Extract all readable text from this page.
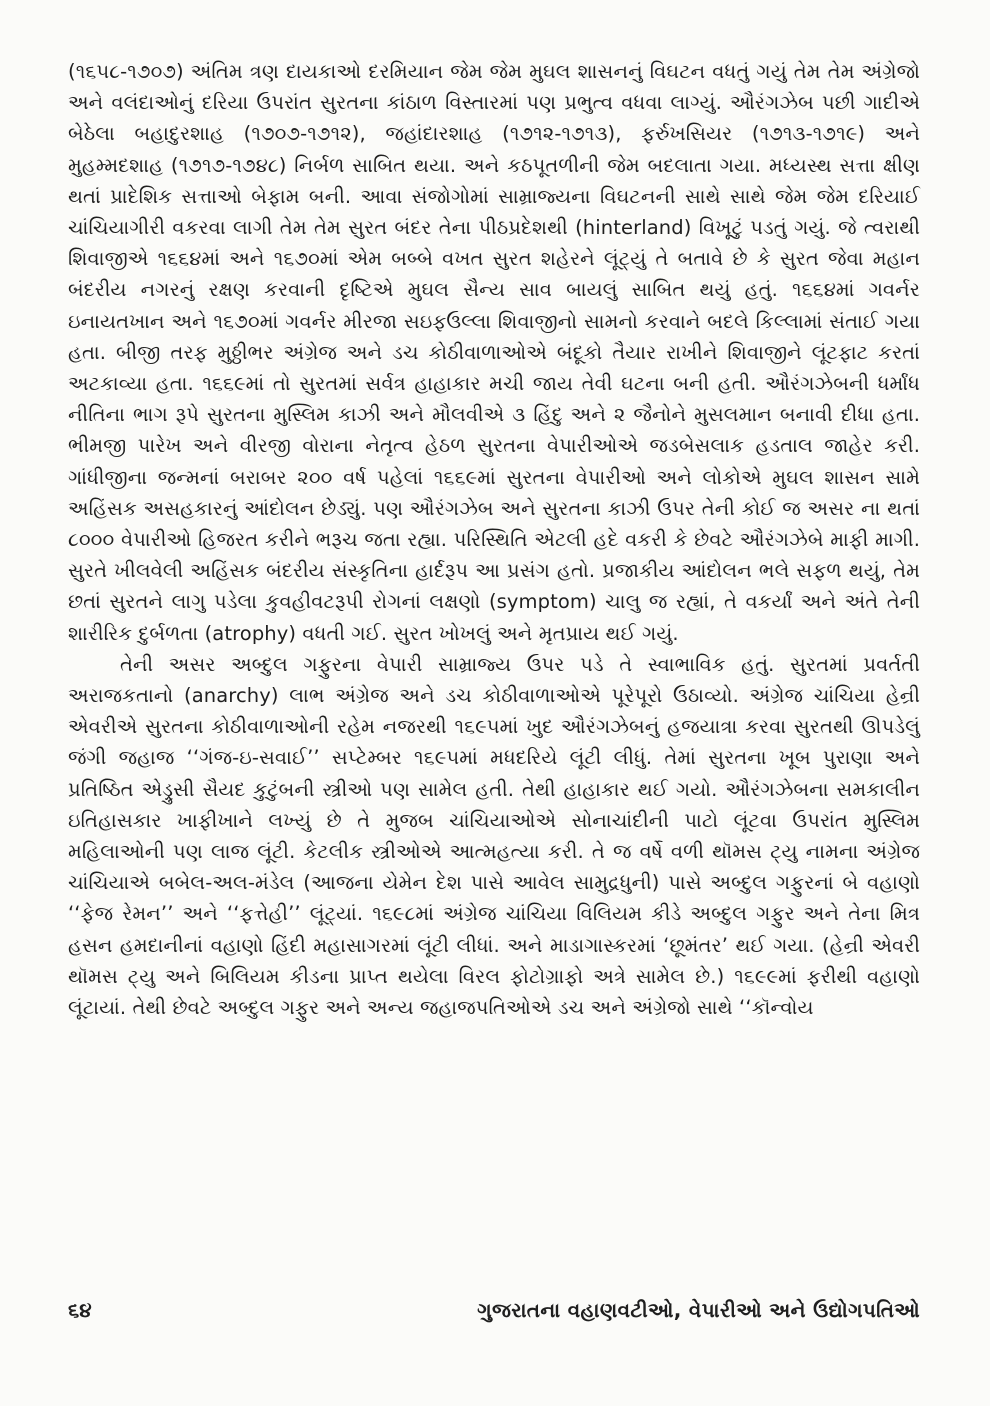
(૧૬૫૮-૧૭૦૭) અંતિમ ત્રણ દાયકાઓ દરમિયાન જેમ જેમ મુઘલ શાસનનું વિઘટન વધતું ગયું તેમ તેમ અંગ્રેજો અને વલંદાઓનું દરિયા ઉપરાંત સુરતના કાંઠાળ વિસ્તારમાં પણ પ્રભુત્વ વધવા લાગ્યું. ઔરંગઝેબ પછી ગાદીએ બેઠેલા બહાદુરશાહ (૧૭૦૭-૧૭૧૨), જહાંદારશાહ (૧૭૧૨-૧૭૧૩), ફર્રુખસિયર (૧૭૧૩-૧૭૧૯) અને મુહમ્મદશાહ (૧૭૧૭-૧૭૪૮) નિર્બળ સાબિત થયા. અને કઠપૂતળીની જેમ બદલાતા ગયા. મધ્યસ્થ સત્તા ક્ષીણ થતાં પ્રાદેશિક સત્તાઓ બેફામ બની. આવા સંજોગોમાં સામ્રાજ્યના વિઘટનની સાથે સાથે જેમ જેમ દરિયાઈ ચાંચિયાગીરી વકરવા લાગી તેમ તેમ સુરત બંદર તેના પીઠપ્રદેશથી (hinterland) વિખૂટું પડતું ગયું. જે ત્વરાથી શિવાજીએ ૧૬૬૪માં અને ૧૬૭૦માં એમ બબ્બે વખત સુરત શહેરને લૂંટ્યું તે બતાવે છે કે સુરત જેવા મહાન બંદરીય નગરનું રક્ષણ કરવાની દૃષ્ટિએ મુઘલ સૈન્ય સાવ બાયલું સાબિત થયું હતું. ૧૬૬૪માં ગવર્નર ઇનાયતખાન અને ૧૬૭૦માં ગવર્નર મીરજા સઇફઉલ્લા શિવાજીનો સામનો કરવાને બદલે કિલ્લામાં સંતાઈ ગયા હતા. બીજી તરફ મુઠ્ઠીભર અંગ્રેજ અને ડચ કોઠીવાળાઓએ બંદૂકો તૈયાર રાખીને શિવાજીને લૂંટફાટ કરતાં અટકાવ્યા હતા. ૧૬૬૯માં તો સુરતમાં સર્વત્ર હાહાકાર મચી જાય તેવી ઘટના બની હતી. ઔરંગઝેબની ધર્માંધ નીતિના ભાગ રૂપે સુરતના મુસ્લિમ કાઝી અને મૌલવીએ ૩ હિંદુ અને ૨ જૈનોને મુસલમાન બનાવી દીધા હતા. ભીમજી પારેખ અને વીરજી વોરાના નેતૃત્વ હેઠળ સુરતના વેપારીઓએ જડબેસલાક હડતાલ જાહેર કરી. ગાંધીજીના જન્મનાં બરાબર ૨૦૦ વર્ષ પહેલાં ૧૬૬૯માં સુરતના વેપારીઓ અને લોકોએ મુઘલ શાસન સામે અહિંસક અસહકારનું આંદોલન છેડ્યું. પણ ઔરંગઝેબ અને સુરતના કાઝી ઉપર તેની કોઈ જ અસર ના થતાં ૮૦૦૦ વેપારીઓ હિજરત કરીને ભરૂચ જતા રહ્યા. પરિસ્થિતિ એટલી હદે વકરી કે છેવટે ઔરંગઝેબે માફી માગી. સુરતે ખીલવેલી અહિંસક બંદરીય સંસ્કૃતિના હાર્દરૂપ આ પ્રસંગ હતો. પ્રજાકીય આંદોલન ભલે સફળ થયું, તેમ છતાં સુરતને લાગુ પડેલા કુવહીવટરૂપી રોગનાં લક્ષણો (symptom) ચાલુ જ રહ્યાં, તે વકર્યાં અને અંતે તેની શારીરિક દુર્બળતા (atrophy) વધતી ગઈ. સુરત ખોખલું અને મૃતપ્રાય થઈ ગયું.

તેની અસર અબ્દુલ ગફુરના વેપારી સામ્રાજ્ય ઉપર પડે તે સ્વાભાવિક હતું. સુરતમાં પ્રવર્તતી અરાજકતાનો (anarchy) લાભ અંગ્રેજ અને ડચ કોઠીવાળાઓએ પૂરેપૂરો ઉઠાવ્યો. અંગ્રેજ ચાંચિયા હેન્રી એવરીએ સુરતના કોઠીવાળાઓની રહેમ નજરથી ૧૬૯૫માં ખુદ ઔરંગઝેબનું હજયાત્રા કરવા સુરતથી ઊપડેલું જંગી જહાજ ‘‘ગંજ-ઇ-સવાઈ’’ સપ્ટેમ્બર ૧૬૯૫માં મધદરિયે લૂંટી લીધું. તેમાં સુરતના ખૂબ પુરાણા અને પ્રતિષ્ઠિત એડ્રુસી સૈયદ કુટુંબની સ્ત્રીઓ પણ સામેલ હતી. તેથી હાહાકાર થઈ ગયો. ઔરંગઝેબના સમકાલીન ઇતિહાસકાર ખાફીખાને લખ્યું છે તે મુજબ ચાંચિયાઓએ સોનાચાંદીની પાટો લૂંટવા ઉપરાંત મુસ્લિમ મહિલાઓની પણ લાજ લૂંટી. કેટલીક સ્ત્રીઓએ આત્મહત્યા કરી. તે જ વર્ષે વળી થૉમસ ટ્યુ નામના અંગ્રેજ ચાંચિયાએ બબેલ-અલ-મંડેલ (આજના યેમેન દેશ પાસે આવેલ સામુદ્રધુની) પાસે અબ્દુલ ગફુરનાં બે વહાણો ‘‘ફેજ રેમન’’ અને ‘‘ફત્તેહી’’ લૂંટ્યાં. ૧૬૯૮માં અંગ્રેજ ચાંચિયા વિલિયમ કીડે અબ્દુલ ગફુર અને તેના મિત્ર હસન હમદાનીનાં વહાણો હિંદી મહાસાગરમાં લૂંટી લીધાં. અને માડાગાસ્કરમાં ‘છૂમંતર’ થઈ ગયા. (હેન્રી એવરી થૉમસ ટ્યુ અને બિલિયમ કીડના પ્રાપ્ત થયેલા વિરલ ફોટોગ્રાફો અત્રે સામેલ છે.) ૧૬૯૯માં ફરીથી વહાણો લૂંટાયાં. તેથી છેવટે અબ્દુલ ગફુર અને અન્ય જહાજપતિઓએ ડચ અને અંગ્રેજો સાથે ‘‘કૉન્વોય

૬૪	ગુજરાતના વહાણવટીઓ, વેપારીઓ અને ઉદ્યોગપતિઓ
